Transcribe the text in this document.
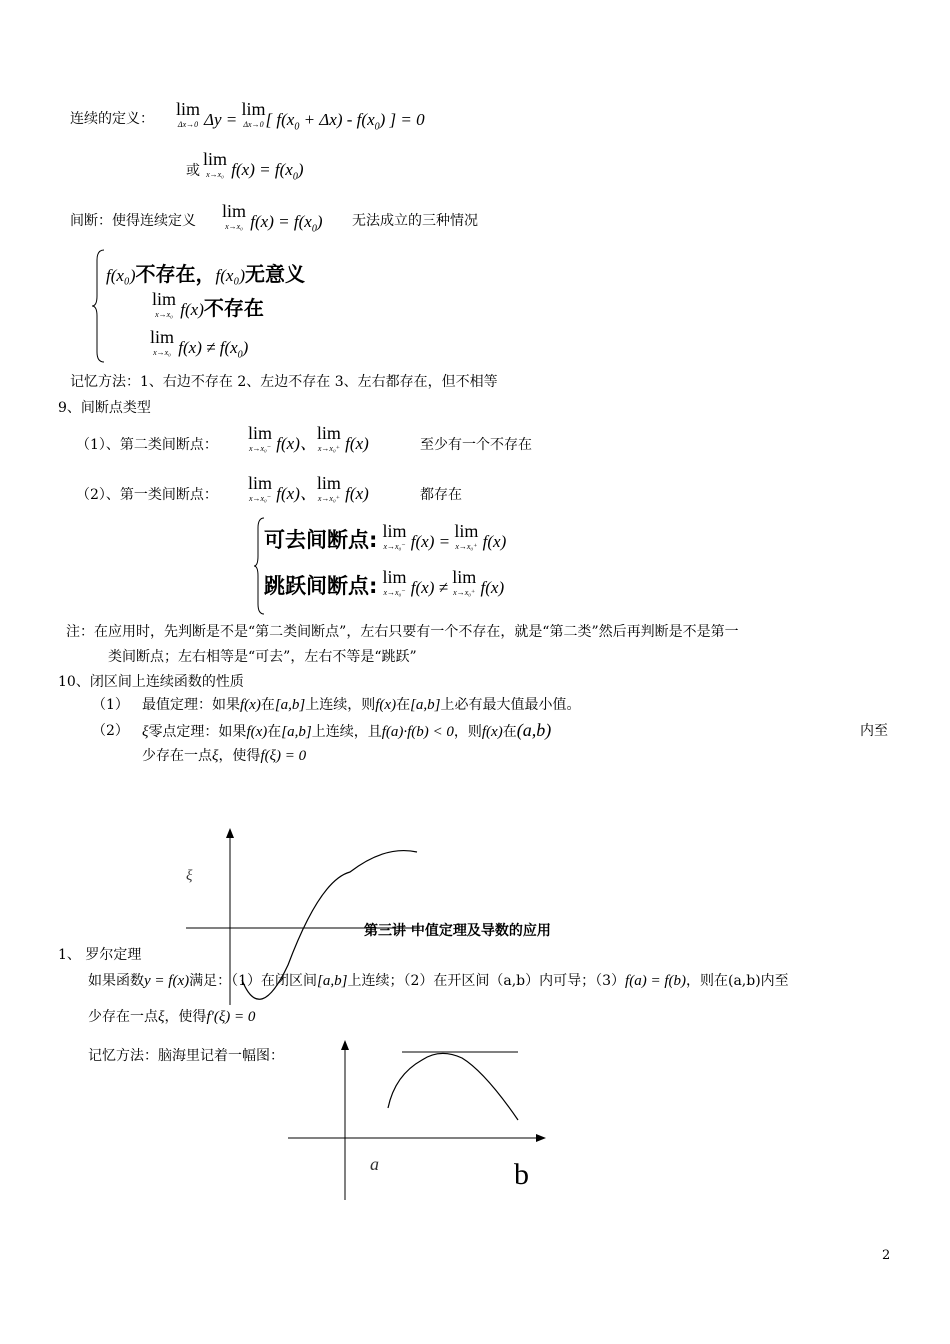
连续的定义： lim
Δx→0 Δy =
lim
Δx→0 [ $f(x_0 + \Delta x) - f(x_0)$ ] = 0
或
lim
x→x₀ $f(x) = f(x_0)$
间断：使得连续定义 lim
x→x₀ $f(x) = f(x_0)$ 无法成立的三种情况
f(x₀)不存在，f(x₀)无意义
lim
x→x₀ f(x)不存在
lim
x→x₀ $f(x) \ne f(x_0)$
记忆方法：1、右边不存在 2、左边不存在 3、左右都存在，但不相等
9、间断点类型
（1）、第二类间断点：
lim
x→x₀⁻ f(x)、
lim
x→x₀⁺ f(x)	至少有一个不存在
（2）、第一类间断点：
lim
x→x₀⁻ f(x)、
lim
x→x₀⁺ f(x)	都存在
可去间断点: lim
x→x₀⁻ f(x) =
lim
x→x₀⁺ f(x)
跳跃间断点: lim
x→x₀⁻ f(x) ≠
lim
x→x₀⁺ f(x)
注：在应用时，先判断是不是“第二类间断点”，左右只要有一个不存在，就是“第二类”然后再判断是不是第一
类间断点；左右相等是“可去”，左右不等是“跳跃”
10、闭区间上连续函数的性质
（1） 最值定理：如果f(x)在[a,b]上连续，则f(x)在[a,b]上必有最大值最小值。
（2） ξ零点定理：如果f(x)在[a,b]上连续，且f(a)·f(b) < 0，则f(x)在(a,b)	内至
少存在一点ξ，使得f(ξ) = 0
ξ
第三讲 中值定理及导数的应用
1、 罗尔定理
如果函数y = f(x)满足：（1）在闭区间[a,b]上连续；（2）在开区间（a,b）内可导；（3）f(a) = f(b)，则在(a,b)内至
少存在一点ξ，使得f′(ξ) = 0
记忆方法：脑海里记着一幅图：
a	b
2
